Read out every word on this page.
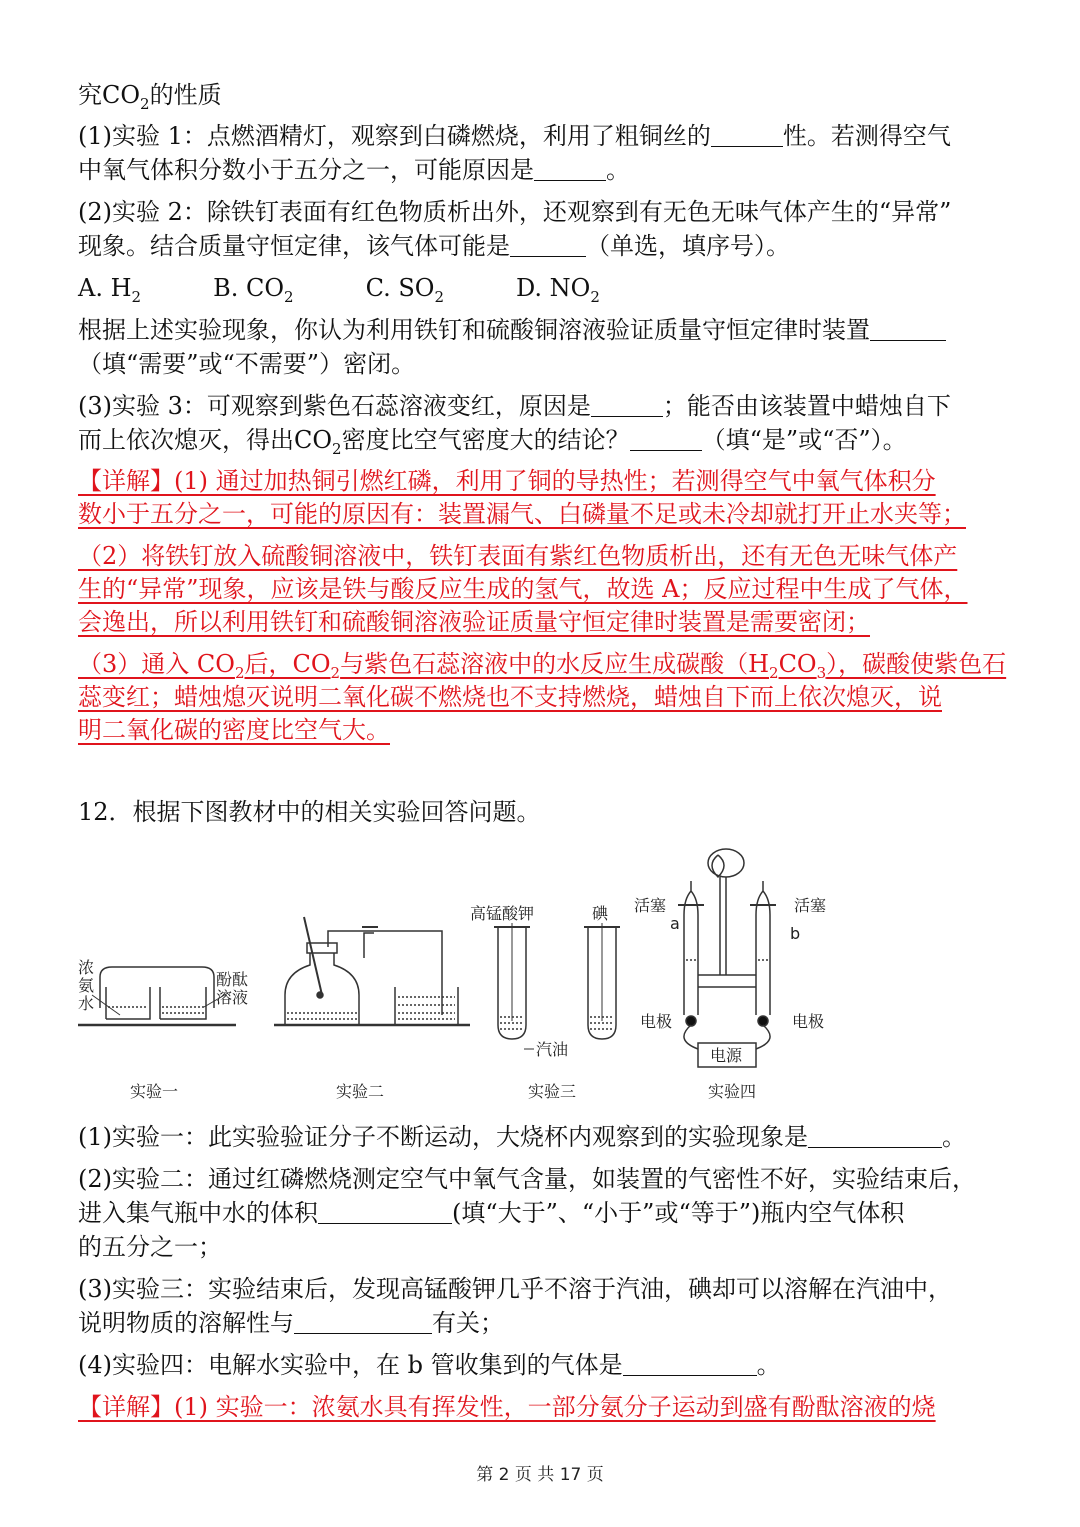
究$CO_2$的性质
(1)实验 1：点燃酒精灯，观察到白磷燃烧，利用了粗铜丝的	性。若测得空气
中氧气体积分数小于五分之一，可能原因是	。
(2)实验 2：除铁钉表面有红色物质析出外，还观察到有无色无味气体产生的“异常”
现象。结合质量守恒定律，该气体可能是	（单选，填序号）。
A. $H_2$	B. $CO_2$	C. $SO_2$	D. $NO_2$
根据上述实验现象，你认为利用铁钉和硫酸铜溶液验证质量守恒定律时装置
（填“需要”或“不需要”）密闭。
(3)实验 3：可观察到紫色石蕊溶液变红，原因是	；能否由该装置中蜡烛自下
而上依次熄灭，得出$CO_2$密度比空气密度大的结论？	（填“是”或“否”）。
【详解】(1) 通过加热铜引燃红磷，利用了铜的导热性；若测得空气中氧气体积分
数小于五分之一，可能的原因有：装置漏气、白磷量不足或未冷却就打开止水夹等；
（2）将铁钉放入硫酸铜溶液中，铁钉表面有紫红色物质析出，还有无色无味气体产
生的“异常”现象，应该是铁与酸反应生成的氢气，故选 A；反应过程中生成了气体，
会逸出，所以利用铁钉和硫酸铜溶液验证质量守恒定律时装置是需要密闭；
（3）通入 $CO_2$后，$CO_2$与紫色石蕊溶液中的水反应生成碳酸$(H_2CO_3)$，碳酸使紫色石
蕊变红；蜡烛熄灭说明二氧化碳不燃烧也不支持燃烧，蜡烛自下而上依次熄灭，说
明二氧化碳的密度比空气大。
12．根据下图教材中的相关实验回答问题。
浓
氨
水
酚酞
溶液
实验一	实验二
高锰酸钾	碘
汽油
实验三
活塞	活塞
a
b
电极	电极
电源
实验四
(1)实验一：此实验验证分子不断运动，大烧杯内观察到的实验现象是	。
(2)实验二：通过红磷燃烧测定空气中氧气含量，如装置的气密性不好，实验结束后，
进入集气瓶中水的体积	(填“大于”、“小于”或“等于”)瓶内空气体积
的五分之一；
(3)实验三：实验结束后，发现高锰酸钾几乎不溶于汽油，碘却可以溶解在汽油中，
说明物质的溶解性与	有关；
(4)实验四：电解水实验中，在 b 管收集到的气体是	。
【详解】(1) 实验一：浓氨水具有挥发性，一部分氨分子运动到盛有酚酞溶液的烧
第 2 页 共 17 页
